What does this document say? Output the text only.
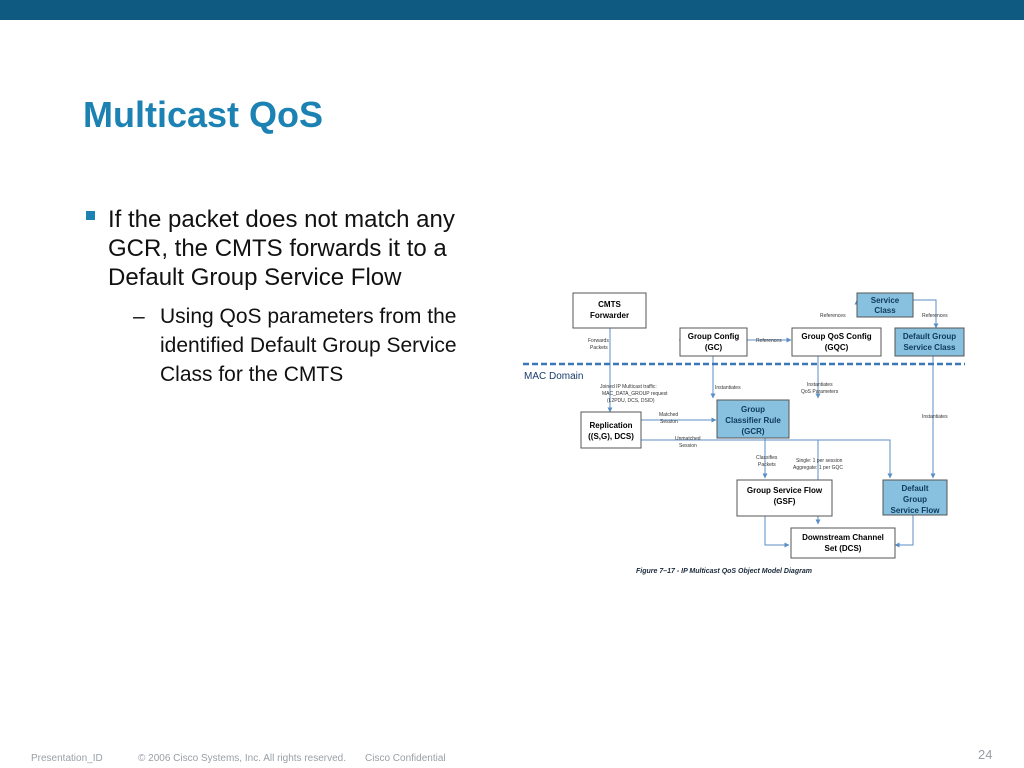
Multicast QoS
If the packet does not match any GCR, the CMTS forwards it to a Default Group Service Flow
– Using QoS parameters from the identified Default Group Service Class for the CMTS	MAC Domain
CMTS
Forwarder
Group Config
(GC)
Group QoS Config
(GQC)
Service
Class
Default Group
Service Class
Replication
((S,G), DCS)
Group
Classifier Rule
(GCR)
Group Service Flow
(GSF)
Default
Group
Service Flow
Downstream Channel
Set (DCS)
Forwards
Packets
References
References	References
Joined IP Multicast traffic:
MAC_DATA_GROUP request
(L2PDU, DCS, DSID)
Instantiates	Instantiates
QoS Parameters
Instantiates
Matched
Session
Unmatched
Session
Classifies
Packets
Single: 1 per session
Aggregate: 1 per GQC
Figure 7–17 - IP Multicast QoS Object Model Diagram
Presentation_ID	© 2006 Cisco Systems, Inc. All rights reserved. Cisco Confidential	24
